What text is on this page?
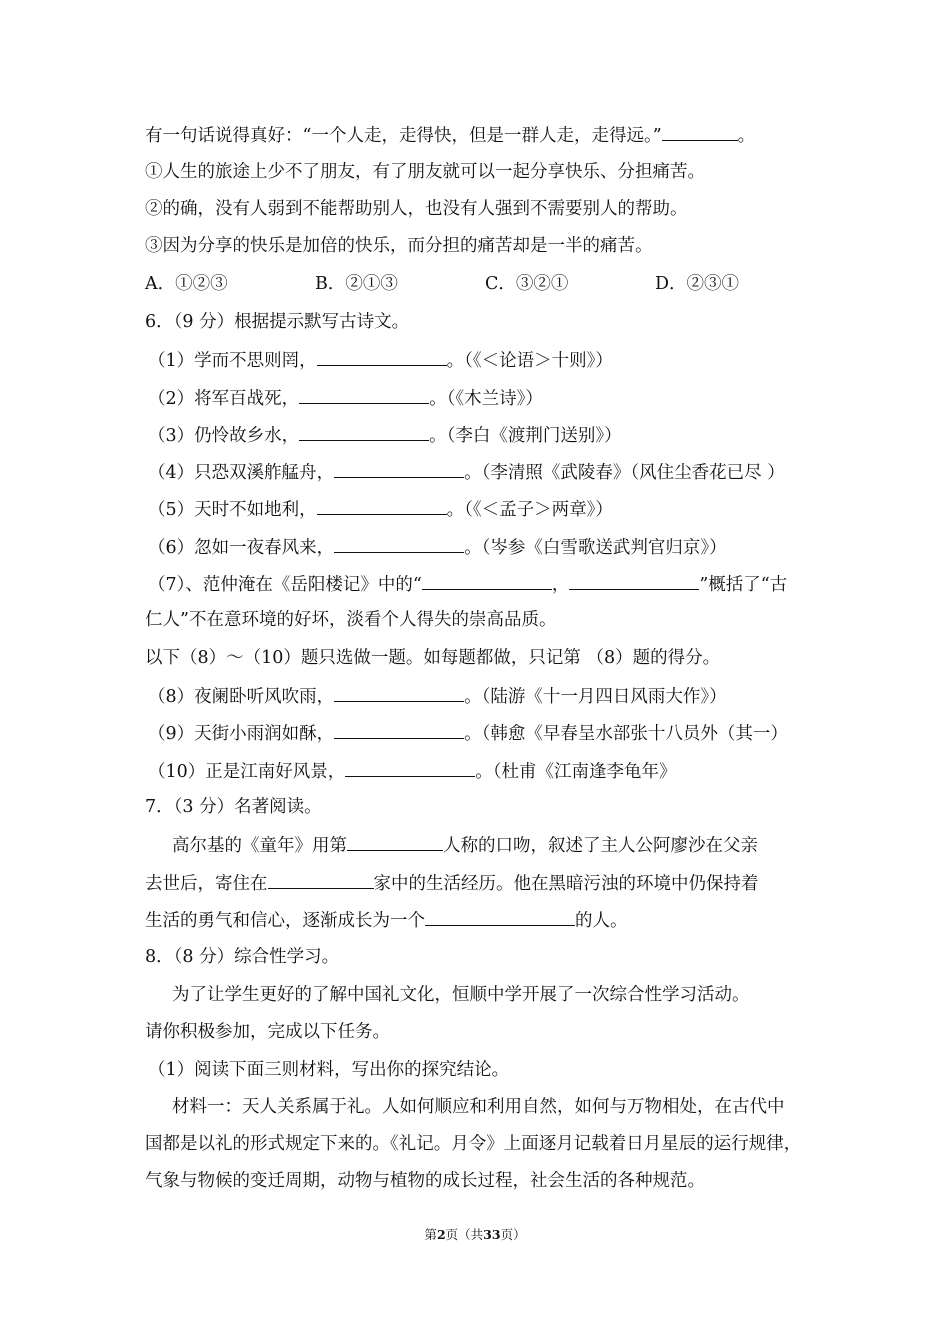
有一句话说得真好：“一个人走，走得快，但是一群人走，走得远。”	。
①人生的旅途上少不了朋友，有了朋友就可以一起分享快乐、分担痛苦。
②的确，没有人弱到不能帮助别人，也没有人强到不需要别人的帮助。
③因为分享的快乐是加倍的快乐，而分担的痛苦却是一半的痛苦。
A．①②③	B．②①③	C．③②①	D．②③①
6．（9 分）根据提示默写古诗文。
（1）学而不思则罔，	。（《＜论语＞十则》）
（2）将军百战死，	。（《木兰诗》）
（3）仍怜故乡水，	。（李白《渡荆门送别》）
（4）只恐双溪舴艋舟，	。（李清照《武陵春》（风住尘香花已尽 ）
（5）天时不如地利，	。（《＜孟子＞两章》）
（6）忽如一夜春风来，	。（岑参《白雪歌送武判官归京》）
（7）、范仲淹在《岳阳楼记》中的“	，	”概括了“古
仁人”不在意环境的好坏，淡看个人得失的崇高品质。
以下（8）～（10）题只选做一题。如每题都做，只记第 （8）题的得分。
（8）夜阑卧听风吹雨，	。（陆游《十一月四日风雨大作》）
（9）天街小雨润如酥，	。（韩愈《早春呈水部张十八员外（其一）
（10）正是江南好风景，	。（杜甫《江南逢李龟年》
7．（3 分）名著阅读。
高尔基的《童年》用第	人称的口吻，叙述了主人公阿廖沙在父亲
去世后，寄住在	家中的生活经历。他在黑暗污浊的环境中仍保持着
生活的勇气和信心，逐渐成长为一个	的人。
8．（8 分）综合性学习。
为了让学生更好的了解中国礼文化，恒顺中学开展了一次综合性学习活动。
请你积极参加，完成以下任务。
（1）阅读下面三则材料，写出你的探究结论。
材料一：天人关系属于礼。人如何顺应和利用自然，如何与万物相处，在古代中
国都是以礼的形式规定下来的。《礼记。月令》上面逐月记载着日月星辰的运行规律，
气象与物候的变迁周期，动物与植物的成长过程，社会生活的各种规范。
第2页（共33页）
